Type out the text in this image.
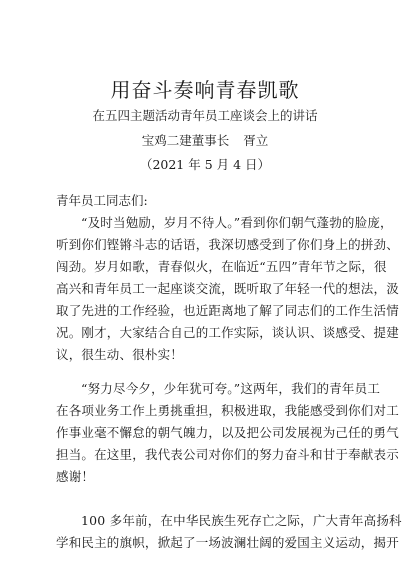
用奋斗奏响青春凯歌
在五四主题活动青年员工座谈会上的讲话
宝鸡二建董事长 胥立
（2021 年 5 月 4 日）
青年员工同志们:
“及时当勉励，岁月不待人。”看到你们朝气蓬勃的脸庞，
听到你们铿锵斗志的话语，我深切感受到了你们身上的拼劲、
闯劲。岁月如歌，青春似火，在临近“五四”青年节之际，很
高兴和青年员工一起座谈交流，既听取了年轻一代的想法，汲
取了先进的工作经验，也近距离地了解了同志们的工作生活情
况。刚才，大家结合自己的工作实际，谈认识、谈感受、提建
议，很生动、很朴实！
“努力尽今夕，少年犹可夸。”这两年，我们的青年员工
在各项业务工作上勇挑重担，积极进取，我能感受到你们对工
作事业毫不懈怠的朝气魄力，以及把公司发展视为己任的勇气
担当。在这里，我代表公司对你们的努力奋斗和甘于奉献表示
感谢！
100 多年前，在中华民族生死存亡之际，广大青年高扬科
学和民主的旗帜，掀起了一场波澜壮阔的爱国主义运动，揭开
